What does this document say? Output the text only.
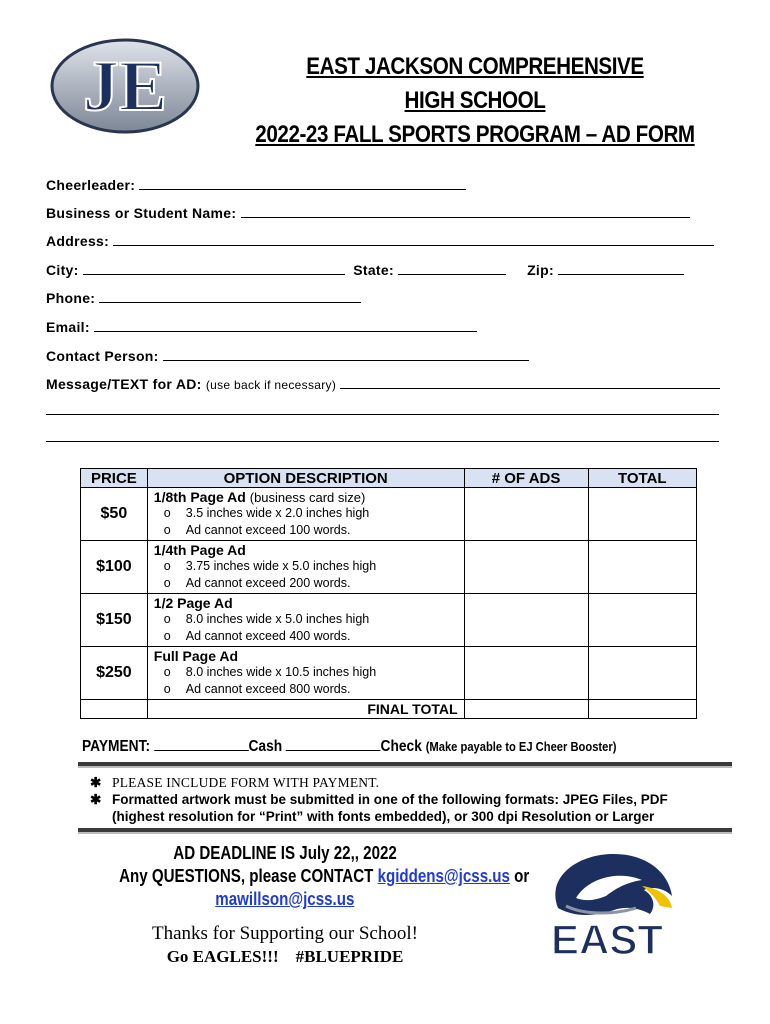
JE	EAST JACKSON COMPREHENSIVE
HIGH SCHOOL
2022-23 FALL SPORTS PROGRAM – AD FORM
Cheerleader:
Business or Student Name:
Address:
City:	State:	Zip:
Phone:
Email:
Contact Person:
Message/TEXT for AD: (use back if necessary)
PRICE	OPTION DESCRIPTION	# OF ADS	TOTAL
$50	1/8th Page Ad (business card size)
o 3.5 inches wide x 2.0 inches high
o Ad cannot exceed 100 words.		

$100	1/4th Page Ad
o 3.75 inches wide x 5.0 inches high
o Ad cannot exceed 200 words.		

$150	1/2 Page Ad
o 8.0 inches wide x 5.0 inches high
o Ad cannot exceed 400 words.		

$250	Full Page Ad
o 8.0 inches wide x 10.5 inches high
o Ad cannot exceed 800 words.		

	FINAL TOTAL		
PAYMENT:	Cash	Check (Make payable to EJ Cheer Booster)
✱ PLEASE INCLUDE FORM WITH PAYMENT.
✱ Formatted artwork must be submitted in one of the following formats: JPEG Files, PDF (highest resolution for “Print” with fonts embedded), or 300 dpi Resolution or Larger
AD DEADLINE IS July 22,, 2022
Any QUESTIONS, please CONTACT kgiddens@jcss.us or
mawillson@jcss.us
Thanks for Supporting our School!
Go EAGLES!!! #BLUEPRIDE	EAST
